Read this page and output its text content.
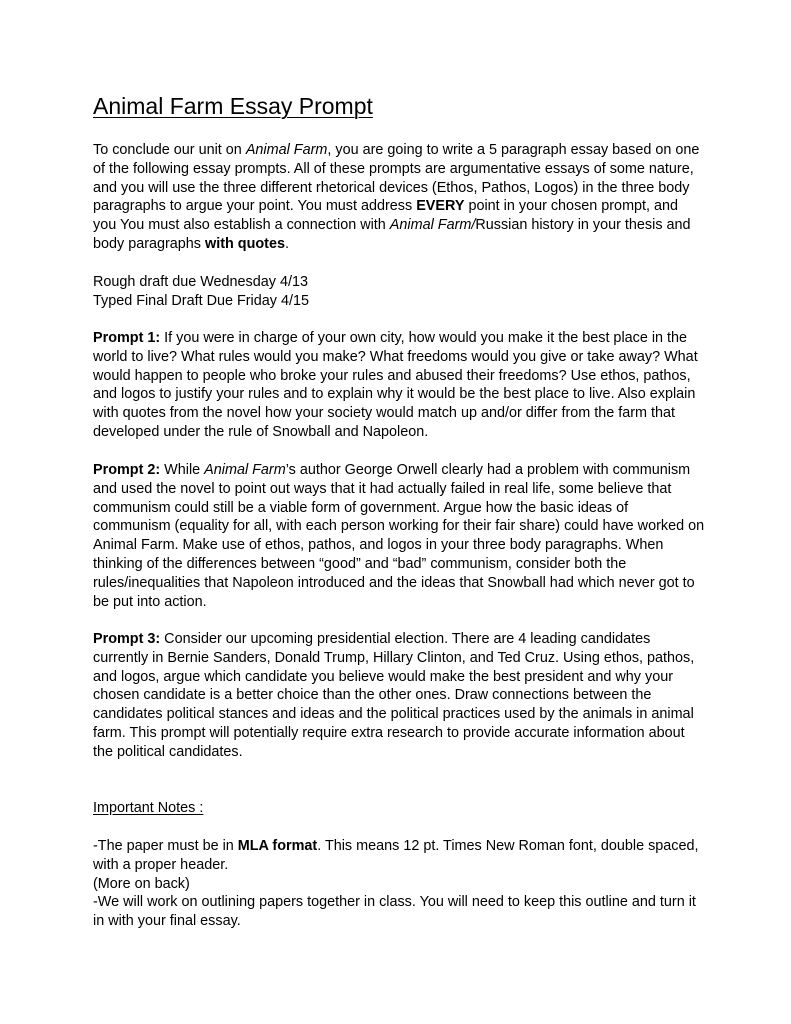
Animal Farm Essay Prompt
To conclude our unit on Animal Farm, you are going to write a 5 paragraph essay based on one
of the following essay prompts. All of these prompts are argumentative essays of some nature,
and you will use the three different rhetorical devices (Ethos, Pathos, Logos) in the three body
paragraphs to argue your point. You must address EVERY point in your chosen prompt, and
you You must also establish a connection with Animal Farm/Russian history in your thesis and
body paragraphs with quotes.
Rough draft due Wednesday 4/13
Typed Final Draft Due Friday 4/15
Prompt 1: If you were in charge of your own city, how would you make it the best place in the
world to live? What rules would you make? What freedoms would you give or take away? What
would happen to people who broke your rules and abused their freedoms? Use ethos, pathos,
and logos to justify your rules and to explain why it would be the best place to live. Also explain
with quotes from the novel how your society would match up and/or differ from the farm that
developed under the rule of Snowball and Napoleon.
Prompt 2: While Animal Farm’s author George Orwell clearly had a problem with communism
and used the novel to point out ways that it had actually failed in real life, some believe that
communism could still be a viable form of government. Argue how the basic ideas of
communism (equality for all, with each person working for their fair share) could have worked on
Animal Farm. Make use of ethos, pathos, and logos in your three body paragraphs. When
thinking of the differences between “good” and “bad” communism, consider both the
rules/inequalities that Napoleon introduced and the ideas that Snowball had which never got to
be put into action.
Prompt 3: Consider our upcoming presidential election. There are 4 leading candidates
currently in Bernie Sanders, Donald Trump, Hillary Clinton, and Ted Cruz. Using ethos, pathos,
and logos, argue which candidate you believe would make the best president and why your
chosen candidate is a better choice than the other ones. Draw connections between the
candidates political stances and ideas and the political practices used by the animals in animal
farm. This prompt will potentially require extra research to provide accurate information about
the political candidates.
Important Notes :
-The paper must be in MLA format. This means 12 pt. Times New Roman font, double spaced,
with a proper header.
(More on back)
-We will work on outlining papers together in class. You will need to keep this outline and turn it
in with your final essay.
